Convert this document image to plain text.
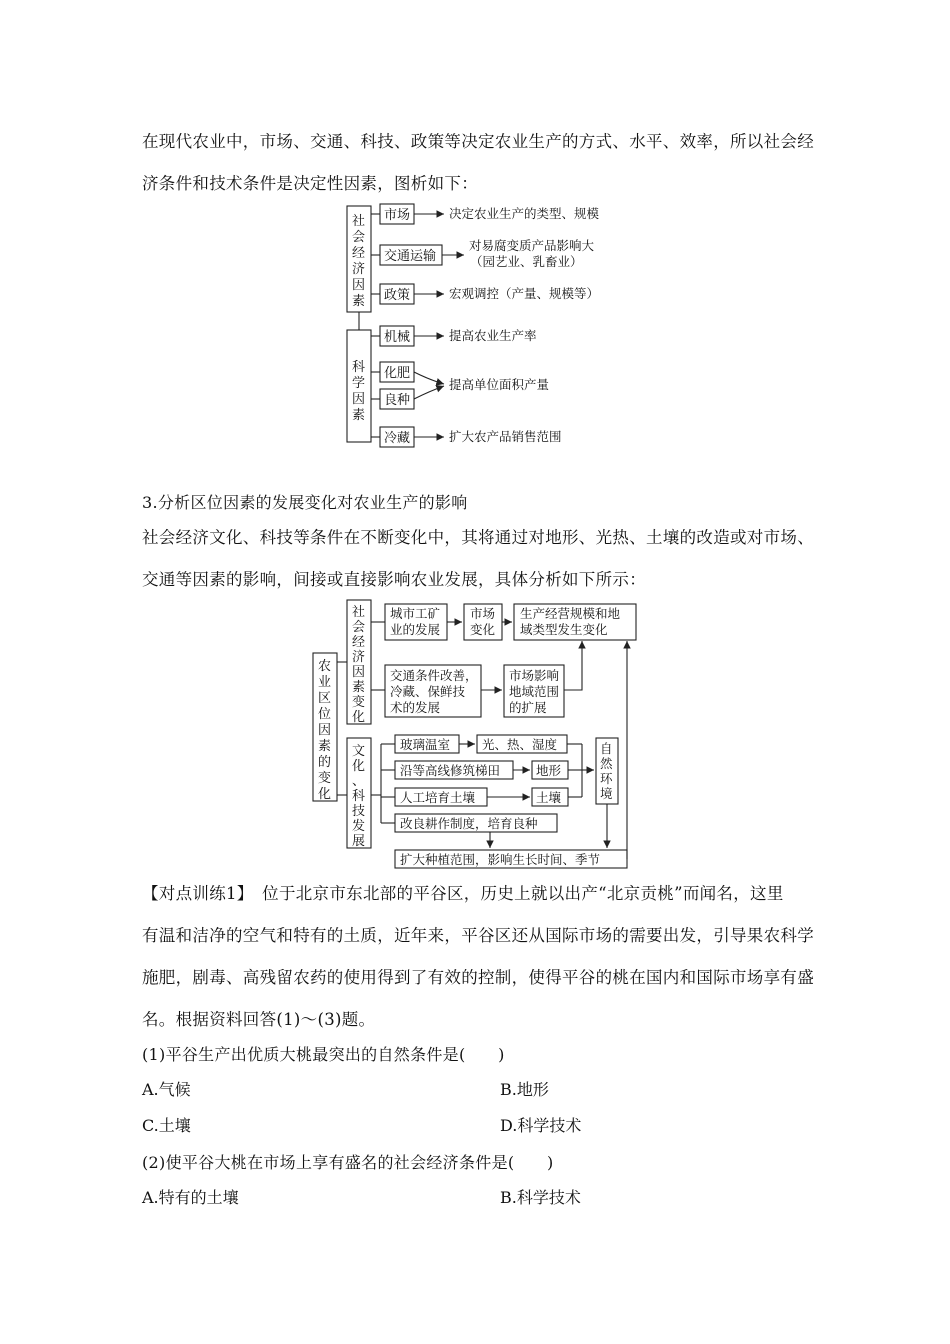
在现代农业中，市场、交通、科技、政策等决定农业生产的方式、水平、效率，所以社会经
济条件和技术条件是决定性因素，图析如下：
社 会 经 济 因 素
科 学 因 素
市场
交通运输
政策
机械
化肥
良种
冷藏
决定农业生产的类型、规模
对易腐变质产品影响大
（园艺业、乳畜业）
宏观调控（产量、规模等）
提高农业生产率
提高单位面积产量
扩大农产品销售范围
3.分析区位因素的发展变化对农业生产的影响
社会经济文化、科技等条件在不断变化中，其将通过对地形、光热、土壤的改造或对市场、
交通等因素的影响，间接或直接影响农业发展，具体分析如下所示：
农 业 区 位 因 素 的 变 化
社 会 经 济 因 素 变 化
文 化 、 科 技 发 展
城市工矿 业的发展
市场 变化
生产经营规模和地 域类型发生变化
交通条件改善， 冷藏、保鲜技 术的发展
市场影响 地域范围 的扩展
玻璃温室	光、热、湿度
沿等高线修筑梯田	地形
人工培育土壤	土壤
改良耕作制度，培育良种
自 然 环 境
扩大种植范围，影响生长时间、季节
【对点训练1】　位于北京市东北部的平谷区，历史上就以出产“北京贡桃”而闻名，这里
有温和洁净的空气和特有的土质，近年来，平谷区还从国际市场的需要出发，引导果农科学
施肥，剧毒、高残留农药的使用得到了有效的控制，使得平谷的桃在国内和国际市场享有盛
名。根据资料回答(1)～(3)题。
(1)平谷生产出优质大桃最突出的自然条件是(　　)
A.气候	B.地形
C.土壤	D.科学技术
(2)使平谷大桃在市场上享有盛名的社会经济条件是(　　)
A.特有的土壤	B.科学技术
